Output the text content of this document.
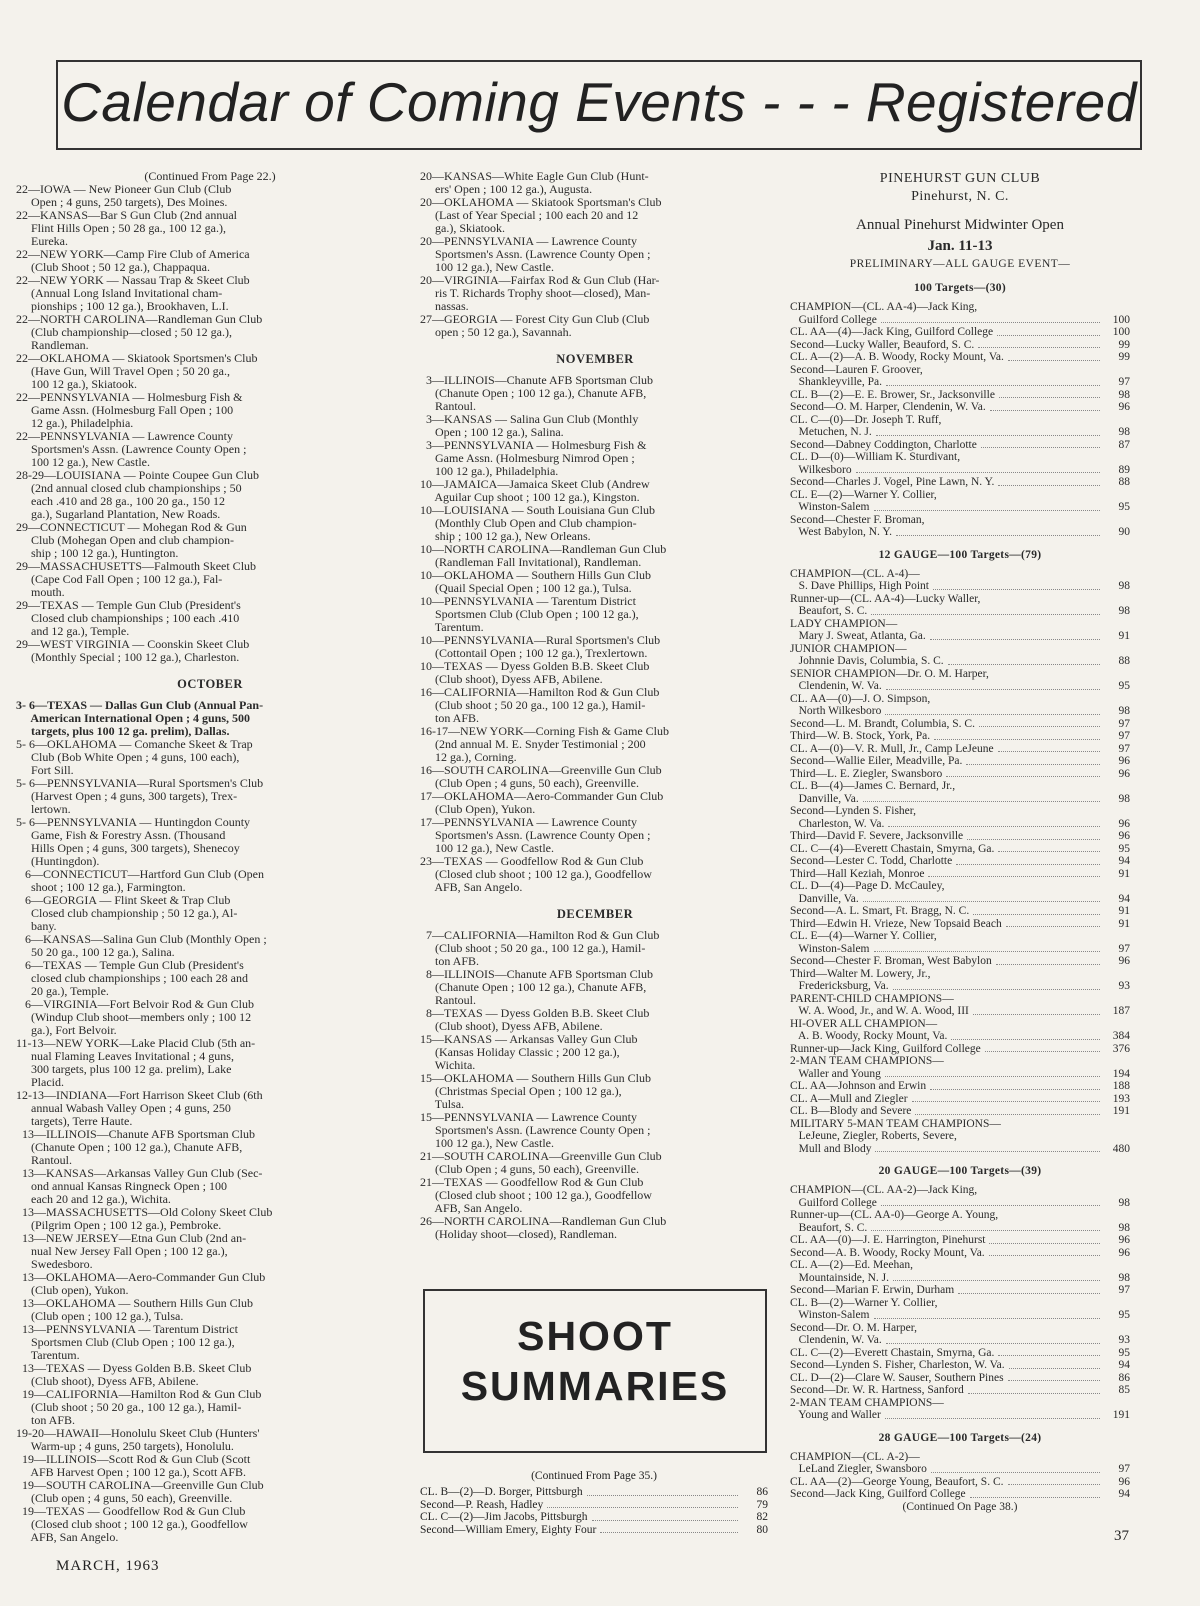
Calendar of Coming Events - - - Registered
(Continued From Page 22.)
22—IOWA — New Pioneer Gun Club (Club
Open ; 4 guns, 250 targets), Des Moines.
22—KANSAS—Bar S Gun Club (2nd annual
Flint Hills Open ; 50 28 ga., 100 12 ga.),
Eureka.
22—NEW YORK—Camp Fire Club of America
(Club Shoot ; 50 12 ga.), Chappaqua.
22—NEW YORK — Nassau Trap & Skeet Club
(Annual Long Island Invitational cham-
pionships ; 100 12 ga.), Brookhaven, L.I.
22—NORTH CAROLINA—Randleman Gun Club
(Club championship—closed ; 50 12 ga.),
Randleman.
22—OKLAHOMA — Skiatook Sportsmen's Club
(Have Gun, Will Travel Open ; 50 20 ga.,
100 12 ga.), Skiatook.
22—PENNSYLVANIA — Holmesburg Fish &
Game Assn. (Holmesburg Fall Open ; 100
12 ga.), Philadelphia.
22—PENNSYLVANIA — Lawrence County
Sportsmen's Assn. (Lawrence County Open ;
100 12 ga.), New Castle.
28-29—LOUISIANA — Pointe Coupee Gun Club
(2nd annual closed club championships ; 50
each .410 and 28 ga., 100 20 ga., 150 12
ga.), Sugarland Plantation, New Roads.
29—CONNECTICUT — Mohegan Rod & Gun
Club (Mohegan Open and club champion-
ship ; 100 12 ga.), Huntington.
29—MASSACHUSETTS—Falmouth Skeet Club
(Cape Cod Fall Open ; 100 12 ga.), Fal-
mouth.
29—TEXAS — Temple Gun Club (President's
Closed club championships ; 100 each .410
and 12 ga.), Temple.
29—WEST VIRGINIA — Coonskin Skeet Club
(Monthly Special ; 100 12 ga.), Charleston.
OCTOBER
3- 6—TEXAS — Dallas Gun Club (Annual Pan-
American International Open ; 4 guns, 500
targets, plus 100 12 ga. prelim), Dallas.
5- 6—OKLAHOMA — Comanche Skeet & Trap
Club (Bob White Open ; 4 guns, 100 each),
Fort Sill.
5- 6—PENNSYLVANIA—Rural Sportsmen's Club
(Harvest Open ; 4 guns, 300 targets), Trex-
lertown.
5- 6—PENNSYLVANIA — Huntingdon County
Game, Fish & Forestry Assn. (Thousand
Hills Open ; 4 guns, 300 targets), Shenecoy
(Huntingdon).
6—CONNECTICUT—Hartford Gun Club (Open
shoot ; 100 12 ga.), Farmington.
6—GEORGIA — Flint Skeet & Trap Club
Closed club championship ; 50 12 ga.), Al-
bany.
6—KANSAS—Salina Gun Club (Monthly Open ;
50 20 ga., 100 12 ga.), Salina.
6—TEXAS — Temple Gun Club (President's
closed club championships ; 100 each 28 and
20 ga.), Temple.
6—VIRGINIA—Fort Belvoir Rod & Gun Club
(Windup Club shoot—members only ; 100 12
ga.), Fort Belvoir.
11-13—NEW YORK—Lake Placid Club (5th an-
nual Flaming Leaves Invitational ; 4 guns,
300 targets, plus 100 12 ga. prelim), Lake
Placid.
12-13—INDIANA—Fort Harrison Skeet Club (6th
annual Wabash Valley Open ; 4 guns, 250
targets), Terre Haute.
13—ILLINOIS—Chanute AFB Sportsman Club
(Chanute Open ; 100 12 ga.), Chanute AFB,
Rantoul.
13—KANSAS—Arkansas Valley Gun Club (Sec-
ond annual Kansas Ringneck Open ; 100
each 20 and 12 ga.), Wichita.
13—MASSACHUSETTS—Old Colony Skeet Club
(Pilgrim Open ; 100 12 ga.), Pembroke.
13—NEW JERSEY—Etna Gun Club (2nd an-
nual New Jersey Fall Open ; 100 12 ga.),
Swedesboro.
13—OKLAHOMA—Aero-Commander Gun Club
(Club open), Yukon.
13—OKLAHOMA — Southern Hills Gun Club
(Club open ; 100 12 ga.), Tulsa.
13—PENNSYLVANIA — Tarentum District
Sportsmen Club (Club Open ; 100 12 ga.),
Tarentum.
13—TEXAS — Dyess Golden B.B. Skeet Club
(Club shoot), Dyess AFB, Abilene.
19—CALIFORNIA—Hamilton Rod & Gun Club
(Club shoot ; 50 20 ga., 100 12 ga.), Hamil-
ton AFB.
19-20—HAWAII—Honolulu Skeet Club (Hunters'
Warm-up ; 4 guns, 250 targets), Honolulu.
19—ILLINOIS—Scott Rod & Gun Club (Scott
AFB Harvest Open ; 100 12 ga.), Scott AFB.
19—SOUTH CAROLINA—Greenville Gun Club
(Club open ; 4 guns, 50 each), Greenville.
19—TEXAS — Goodfellow Rod & Gun Club
(Closed club shoot ; 100 12 ga.), Goodfellow
AFB, San Angelo.
20—KANSAS—White Eagle Gun Club (Hunt-
ers' Open ; 100 12 ga.), Augusta.
20—OKLAHOMA — Skiatook Sportsman's Club
(Last of Year Special ; 100 each 20 and 12
ga.), Skiatook.
20—PENNSYLVANIA — Lawrence County
Sportsmen's Assn. (Lawrence County Open ;
100 12 ga.), New Castle.
20—VIRGINIA—Fairfax Rod & Gun Club (Har-
ris T. Richards Trophy shoot—closed), Man-
nassas.
27—GEORGIA — Forest City Gun Club (Club
open ; 50 12 ga.), Savannah.
NOVEMBER
3—ILLINOIS—Chanute AFB Sportsman Club
(Chanute Open ; 100 12 ga.), Chanute AFB,
Rantoul.
3—KANSAS — Salina Gun Club (Monthly
Open ; 100 12 ga.), Salina.
3—PENNSYLVANIA — Holmesburg Fish &
Game Assn. (Holmesburg Nimrod Open ;
100 12 ga.), Philadelphia.
10—JAMAICA—Jamaica Skeet Club (Andrew
Aguilar Cup shoot ; 100 12 ga.), Kingston.
10—LOUISIANA — South Louisiana Gun Club
(Monthly Club Open and Club champion-
ship ; 100 12 ga.), New Orleans.
10—NORTH CAROLINA—Randleman Gun Club
(Randleman Fall Invitational), Randleman.
10—OKLAHOMA — Southern Hills Gun Club
(Quail Special Open ; 100 12 ga.), Tulsa.
10—PENNSYLVANIA — Tarentum District
Sportsmen Club (Club Open ; 100 12 ga.),
Tarentum.
10—PENNSYLVANIA—Rural Sportsmen's Club
(Cottontail Open ; 100 12 ga.), Trexlertown.
10—TEXAS — Dyess Golden B.B. Skeet Club
(Club shoot), Dyess AFB, Abilene.
16—CALIFORNIA—Hamilton Rod & Gun Club
(Club shoot ; 50 20 ga., 100 12 ga.), Hamil-
ton AFB.
16-17—NEW YORK—Corning Fish & Game Club
(2nd annual M. E. Snyder Testimonial ; 200
12 ga.), Corning.
16—SOUTH CAROLINA—Greenville Gun Club
(Club Open ; 4 guns, 50 each), Greenville.
17—OKLAHOMA—Aero-Commander Gun Club
(Club Open), Yukon.
17—PENNSYLVANIA — Lawrence County
Sportsmen's Assn. (Lawrence County Open ;
100 12 ga.), New Castle.
23—TEXAS — Goodfellow Rod & Gun Club
(Closed club shoot ; 100 12 ga.), Goodfellow
AFB, San Angelo.
DECEMBER
7—CALIFORNIA—Hamilton Rod & Gun Club
(Club shoot ; 50 20 ga., 100 12 ga.), Hamil-
ton AFB.
8—ILLINOIS—Chanute AFB Sportsman Club
(Chanute Open ; 100 12 ga.), Chanute AFB,
Rantoul.
8—TEXAS — Dyess Golden B.B. Skeet Club
(Club shoot), Dyess AFB, Abilene.
15—KANSAS — Arkansas Valley Gun Club
(Kansas Holiday Classic ; 200 12 ga.),
Wichita.
15—OKLAHOMA — Southern Hills Gun Club
(Christmas Special Open ; 100 12 ga.),
Tulsa.
15—PENNSYLVANIA — Lawrence County
Sportsmen's Assn. (Lawrence County Open ;
100 12 ga.), New Castle.
21—SOUTH CAROLINA—Greenville Gun Club
(Club Open ; 4 guns, 50 each), Greenville.
21—TEXAS — Goodfellow Rod & Gun Club
(Closed club shoot ; 100 12 ga.), Goodfellow
AFB, San Angelo.
26—NORTH CAROLINA—Randleman Gun Club
(Holiday shoot—closed), Randleman.
SHOOT
SUMMARIES
(Continued From Page 35.)
CL. B—(2)—D. Borger, Pittsburgh	86
Second—P. Reash, Hadley	79
CL. C—(2)—Jim Jacobs, Pittsburgh	82
Second—William Emery, Eighty Four	80
PINEHURST GUN CLUB
Pinehurst, N. C.
Annual Pinehurst Midwinter Open
Jan. 11-13
PRELIMINARY—ALL GAUGE EVENT—
100 Targets—(30)
CHAMPION—(CL. AA-4)—Jack King,
Guilford College	100
CL. AA—(4)—Jack King, Guilford College	100
Second—Lucky Waller, Beauford, S. C.	99
CL. A—(2)—A. B. Woody, Rocky Mount, Va.	99
Second—Lauren F. Groover,
Shankleyville, Pa.	97
CL. B—(2)—E. E. Brower, Sr., Jacksonville	98
Second—O. M. Harper, Clendenin, W. Va.	96
CL. C—(0)—Dr. Joseph T. Ruff,
Metuchen, N. J.	98
Second—Dabney Coddington, Charlotte	87
CL. D—(0)—William K. Sturdivant,
Wilkesboro	89
Second—Charles J. Vogel, Pine Lawn, N. Y.	88
CL. E—(2)—Warner Y. Collier,
Winston-Salem	95
Second—Chester F. Broman,
West Babylon, N. Y.	90
12 GAUGE—100 Targets—(79)
CHAMPION—(CL. A-4)—
S. Dave Phillips, High Point	98
Runner-up—(CL. AA-4)—Lucky Waller,
Beaufort, S. C.	98
LADY CHAMPION—
Mary J. Sweat, Atlanta, Ga.	91
JUNIOR CHAMPION—
Johnnie Davis, Columbia, S. C.	88
SENIOR CHAMPION—Dr. O. M. Harper,
Clendenin, W. Va.	95
CL. AA—(0)—J. O. Simpson,
North Wilkesboro	98
Second—L. M. Brandt, Columbia, S. C.	97
Third—W. B. Stock, York, Pa.	97
CL. A—(0)—V. R. Mull, Jr., Camp LeJeune	97
Second—Wallie Eiler, Meadville, Pa.	96
Third—L. E. Ziegler, Swansboro	96
CL. B—(4)—James C. Bernard, Jr.,
Danville, Va.	98
Second—Lynden S. Fisher,
Charleston, W. Va.	96
Third—David F. Severe, Jacksonville	96
CL. C—(4)—Everett Chastain, Smyrna, Ga.	95
Second—Lester C. Todd, Charlotte	94
Third—Hall Keziah, Monroe	91
CL. D—(4)—Page D. McCauley,
Danville, Va.	94
Second—A. L. Smart, Ft. Bragg, N. C.	91
Third—Edwin H. Vrieze, New Topsaid Beach	91
CL. E—(4)—Warner Y. Collier,
Winston-Salem	97
Second—Chester F. Broman, West Babylon	96
Third—Walter M. Lowery, Jr.,
Fredericksburg, Va.	93
PARENT-CHILD CHAMPIONS—
W. A. Wood, Jr., and W. A. Wood, III	187
HI-OVER ALL CHAMPION—
A. B. Woody, Rocky Mount, Va.	384
Runner-up—Jack King, Guilford College	376
2-MAN TEAM CHAMPIONS—
Waller and Young	194
CL. AA—Johnson and Erwin	188
CL. A—Mull and Ziegler	193
CL. B—Blody and Severe	191
MILITARY 5-MAN TEAM CHAMPIONS—
LeJeune, Ziegler, Roberts, Severe,
Mull and Blody	480
20 GAUGE—100 Targets—(39)
CHAMPION—(CL. AA-2)—Jack King,
Guilford College	98
Runner-up—(CL. AA-0)—George A. Young,
Beaufort, S. C.	98
CL. AA—(0)—J. E. Harrington, Pinehurst	96
Second—A. B. Woody, Rocky Mount, Va.	96
CL. A—(2)—Ed. Meehan,
Mountainside, N. J.	98
Second—Marian F. Erwin, Durham	97
CL. B—(2)—Warner Y. Collier,
Winston-Salem	95
Second—Dr. O. M. Harper,
Clendenin, W. Va.	93
CL. C—(2)—Everett Chastain, Smyrna, Ga.	95
Second—Lynden S. Fisher, Charleston, W. Va.	94
CL. D—(2)—Clare W. Sauser, Southern Pines	86
Second—Dr. W. R. Hartness, Sanford	85
2-MAN TEAM CHAMPIONS—
Young and Waller	191
28 GAUGE—100 Targets—(24)
CHAMPION—(CL. A-2)—
LeLand Ziegler, Swansboro	97
CL. AA—(2)—George Young, Beaufort, S. C.	96
Second—Jack King, Guilford College	94
(Continued On Page 38.)
MARCH, 1963
37
